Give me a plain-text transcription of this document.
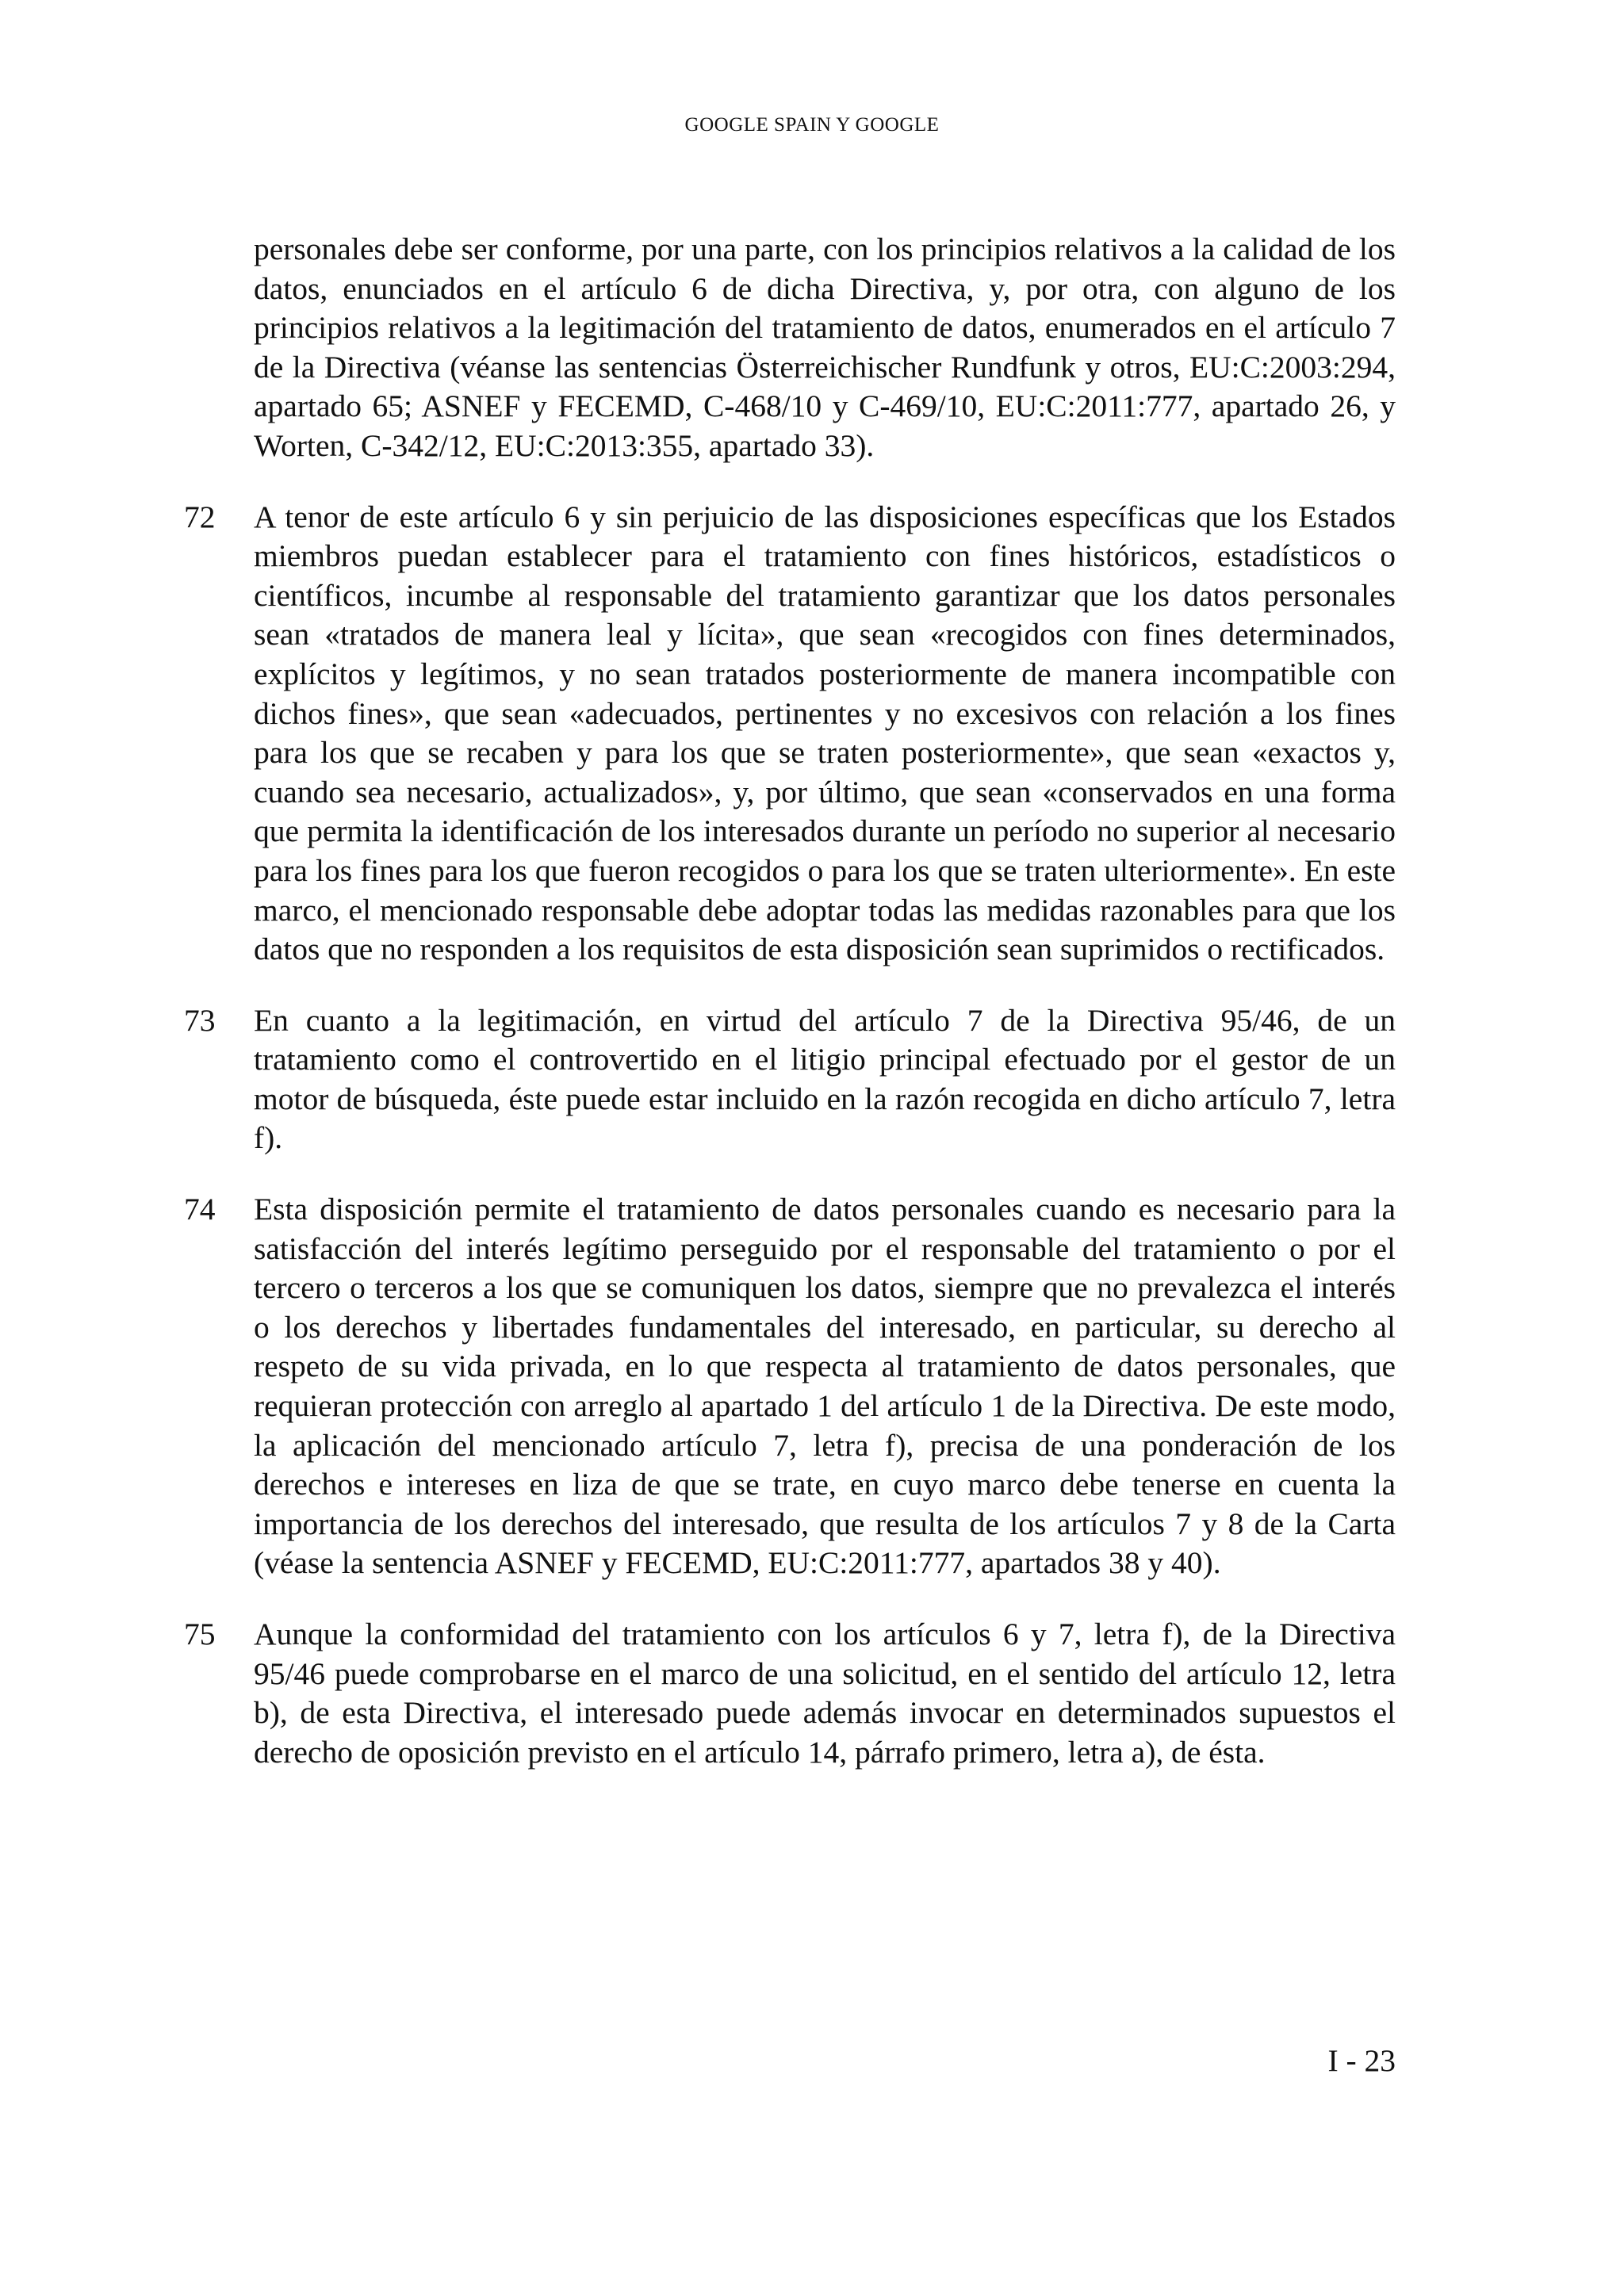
GOOGLE SPAIN Y GOOGLE
personales debe ser conforme, por una parte, con los principios relativos a la calidad de los datos, enunciados en el artículo 6 de dicha Directiva, y, por otra, con alguno de los principios relativos a la legitimación del tratamiento de datos, enumerados en el artículo 7 de la Directiva (véanse las sentencias Österreichischer Rundfunk y otros, EU:C:2003:294, apartado 65; ASNEF y FECEMD, C-468/10 y C-469/10, EU:C:2011:777, apartado 26, y Worten, C-342/12, EU:C:2013:355, apartado 33).
72	A tenor de este artículo 6 y sin perjuicio de las disposiciones específicas que los Estados miembros puedan establecer para el tratamiento con fines históricos, estadísticos o científicos, incumbe al responsable del tratamiento garantizar que los datos personales sean «tratados de manera leal y lícita», que sean «recogidos con fines determinados, explícitos y legítimos, y no sean tratados posteriormente de manera incompatible con dichos fines», que sean «adecuados, pertinentes y no excesivos con relación a los fines para los que se recaben y para los que se traten posteriormente», que sean «exactos y, cuando sea necesario, actualizados», y, por último, que sean «conservados en una forma que permita la identificación de los interesados durante un período no superior al necesario para los fines para los que fueron recogidos o para los que se traten ulteriormente». En este marco, el mencionado responsable debe adoptar todas las medidas razonables para que los datos que no responden a los requisitos de esta disposición sean suprimidos o rectificados.
73	En cuanto a la legitimación, en virtud del artículo 7 de la Directiva 95/46, de un tratamiento como el controvertido en el litigio principal efectuado por el gestor de un motor de búsqueda, éste puede estar incluido en la razón recogida en dicho artículo 7, letra f).
74	Esta disposición permite el tratamiento de datos personales cuando es necesario para la satisfacción del interés legítimo perseguido por el responsable del tratamiento o por el tercero o terceros a los que se comuniquen los datos, siempre que no prevalezca el interés o los derechos y libertades fundamentales del interesado, en particular, su derecho al respeto de su vida privada, en lo que respecta al tratamiento de datos personales, que requieran protección con arreglo al apartado 1 del artículo 1 de la Directiva. De este modo, la aplicación del mencionado artículo 7, letra f), precisa de una ponderación de los derechos e intereses en liza de que se trate, en cuyo marco debe tenerse en cuenta la importancia de los derechos del interesado, que resulta de los artículos 7 y 8 de la Carta (véase la sentencia ASNEF y FECEMD, EU:C:2011:777, apartados 38 y 40).
75	Aunque la conformidad del tratamiento con los artículos 6 y 7, letra f), de la Directiva 95/46 puede comprobarse en el marco de una solicitud, en el sentido del artículo 12, letra b), de esta Directiva, el interesado puede además invocar en determinados supuestos el derecho de oposición previsto en el artículo 14, párrafo primero, letra a), de ésta.
I - 23
